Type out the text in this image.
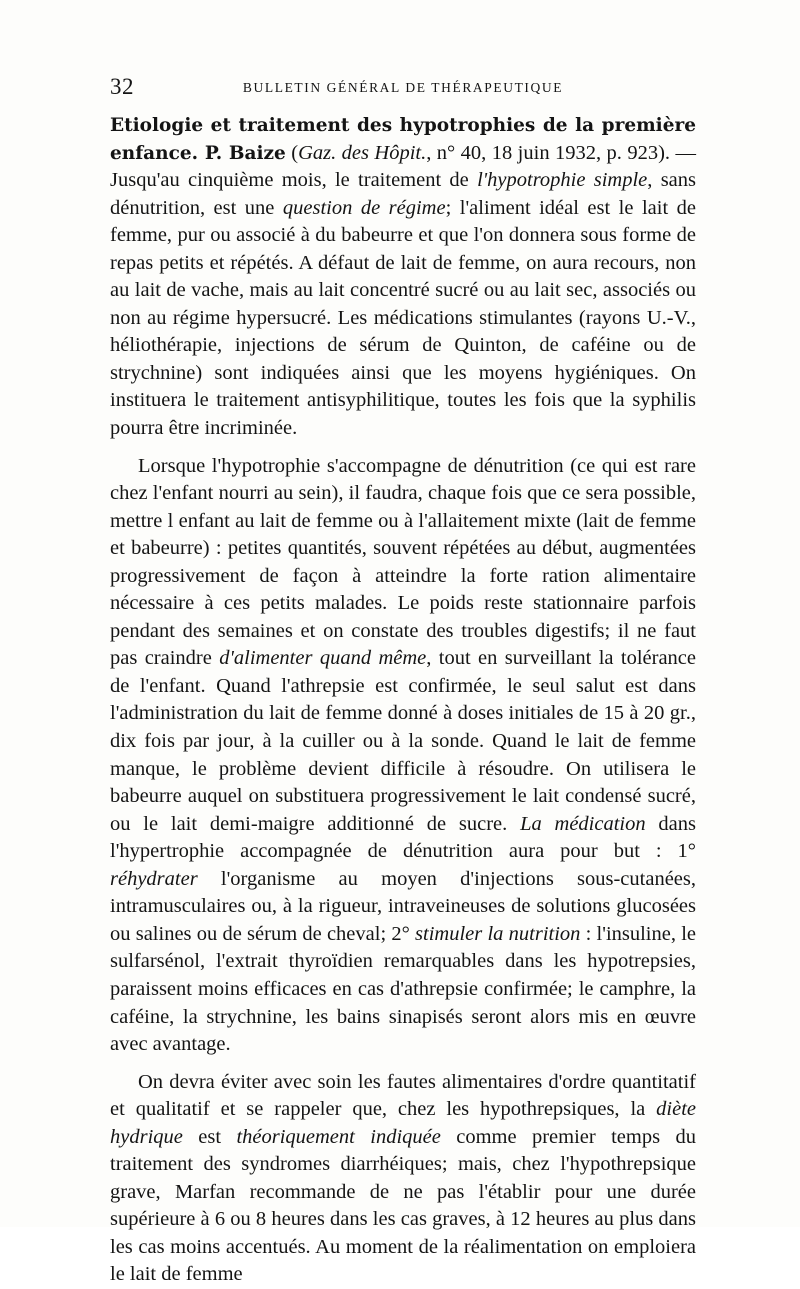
32	BULLETIN GÉNÉRAL DE THÉRAPEUTIQUE

Etiologie et traitement des hypotrophies de la première enfance. P. Baize (Gaz. des Hôpit., n° 40, 18 juin 1932, p. 923). — Jusqu'au cinquième mois, le traitement de l'hypotrophie simple, sans dénutrition, est une question de régime; l'aliment idéal est le lait de femme, pur ou associé à du babeurre et que l'on donnera sous forme de repas petits et répétés. A défaut de lait de femme, on aura recours, non au lait de vache, mais au lait concentré sucré ou au lait sec, associés ou non au régime hypersucré. Les médications stimulantes (rayons U.-V., héliothérapie, injections de sérum de Quinton, de caféine ou de strychnine) sont indiquées ainsi que les moyens hygiéniques. On instituera le traitement antisyphilitique, toutes les fois que la syphilis pourra être incriminée.

Lorsque l'hypotrophie s'accompagne de dénutrition (ce qui est rare chez l'enfant nourri au sein), il faudra, chaque fois que ce sera possible, mettre l enfant au lait de femme ou à l'allaitement mixte (lait de femme et babeurre) : petites quantités, souvent répétées au début, augmentées progressivement de façon à atteindre la forte ration alimentaire nécessaire à ces petits malades. Le poids reste stationnaire parfois pendant des semaines et on constate des troubles digestifs; il ne faut pas craindre d'alimenter quand même, tout en surveillant la tolérance de l'enfant. Quand l'athrepsie est confirmée, le seul salut est dans l'administration du lait de femme donné à doses initiales de 15 à 20 gr., dix fois par jour, à la cuiller ou à la sonde. Quand le lait de femme manque, le problème devient difficile à résoudre. On utilisera le babeurre auquel on substituera progressivement le lait condensé sucré, ou le lait demi-maigre additionné de sucre. La médication dans l'hypertrophie accompagnée de dénutrition aura pour but : 1° réhydrater l'organisme au moyen d'injections sous-cutanées, intramusculaires ou, à la rigueur, intraveineuses de solutions glucosées ou salines ou de sérum de cheval; 2° stimuler la nutrition : l'insuline, le sulfarsénol, l'extrait thyroïdien remarquables dans les hypotrepsies, paraissent moins efficaces en cas d'athrepsie confirmée; le camphre, la caféine, la strychnine, les bains sinapisés seront alors mis en œuvre avec avantage.

On devra éviter avec soin les fautes alimentaires d'ordre quantitatif et qualitatif et se rappeler que, chez les hypothrepsiques, la diète hydrique est théoriquement indiquée comme premier temps du traitement des syndromes diarrhéiques; mais, chez l'hypothrepsique grave, Marfan recommande de ne pas l'établir pour une durée supérieure à 6 ou 8 heures dans les cas graves, à 12 heures au plus dans les cas moins accentués. Au moment de la réalimentation on emploiera le lait de femme
